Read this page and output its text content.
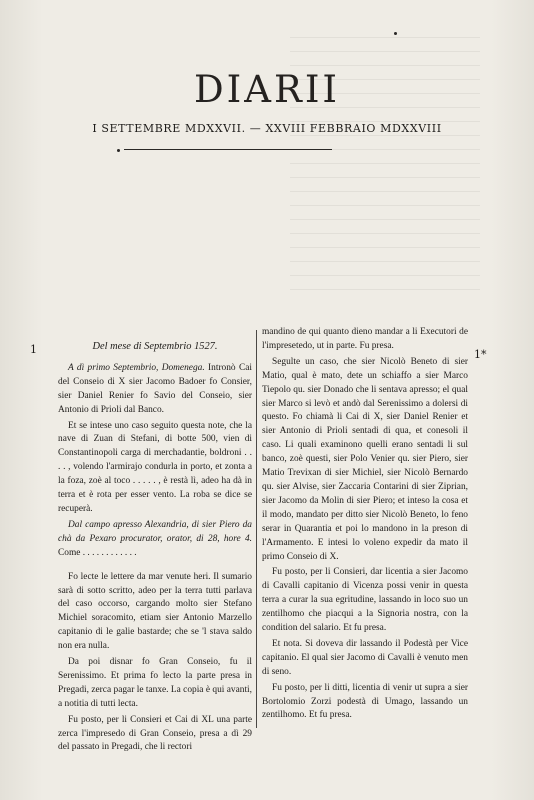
DIARII
I SETTEMBRE MDXXVII. — XXVIII FEBBRAIO MDXXVIII
1	1*

Del mese di Septembrio 1527.

A dì primo Septembrio, Domenega. Intronò Cai del Conseio di X sier Jacomo Badoer fo Consier, sier Daniel Renier fo Savio del Conseio, sier Antonio di Prioli dal Banco.

Et se intese uno caso seguito questa note, che la nave di Zuan di Stefani, di botte 500, vien di Constantinopoli carga di merchadantie, boldroni . . . . , volendo l'armirajo condurla in porto, et zonta a la foza, zoè al toco . . . . . , è restà lì, adeo ha dà in terra et è rota per esser vento. La roba se dice se recuperà.

Dal campo apresso Alexandria, di sier Piero da chà da Pexaro procurator, orator, di 28, hore 4. Come . . . . . . . . . . . .

Fo lecte le lettere da mar venute heri. Il sumario sarà di sotto scritto, adeo per la terra tutti parlava del caso occorso, cargando molto sier Stefano Michiel soracomito, etiam sier Antonio Marzello capitanio di le galie bastarde; che se 'l stava saldo non era nulla.

Da poi disnar fo Gran Conseio, fu il Serenissimo. Et prima fo lecto la parte presa in Pregadi, zerca pagar le tanxe. La copia è qui avanti, a notitia di tutti lecta.

Fu posto, per li Consieri et Cai di XL una parte zerca l'impresedo di Gran Conseio, presa a dì 29 del passato in Pregadi, che li rectori

mandino de qui quanto dieno mandar a li Executori de l'impresetedo, ut in parte. Fu presa.

Segulte un caso, che sier Nicolò Beneto di sier Matio, qual è mato, dete un schiaffo a sier Marco Tiepolo qu. sier Donado che li sentava apresso; el qual sier Marco si levò et andò dal Serenissimo a dolersi di questo. Fo chiamà li Cai di X, sier Daniel Renier et sier Antonio di Prioli sentadi di qua, et conesoli il caso. Li quali examinono quelli erano sentadi li sul banco, zoè questi, sier Polo Venier qu. sier Piero, sier Matio Trevixan di sier Michiel, sier Nicolò Bernardo qu. sier Alvise, sier Zaccaria Contarini di sier Ziprian, sier Jacomo da Molin di sier Piero; et inteso la cosa et il modo, mandato per ditto sier Nicolò Beneto, lo feno serar in Quarantia et poi lo mandono in la preson di l'Armamento. E intesi lo voleno expedir da mato il primo Conseio di X.

Fu posto, per li Consieri, dar licentia a sier Jacomo di Cavalli capitanio di Vicenza possi venir in questa terra a curar la sua egritudine, lassando in loco suo un zentilhomo che piacqui a la Signoria nostra, con la condition del salario. Et fu presa.

Et nota. Si doveva dir lassando il Podestà per Vice capitanio. El qual sier Jacomo di Cavalli è venuto men di seno.

Fu posto, per li ditti, licentia di venir ut supra a sier Bortolomio Zorzi podestà di Umago, lassando un zentilhomo. Et fu presa.
